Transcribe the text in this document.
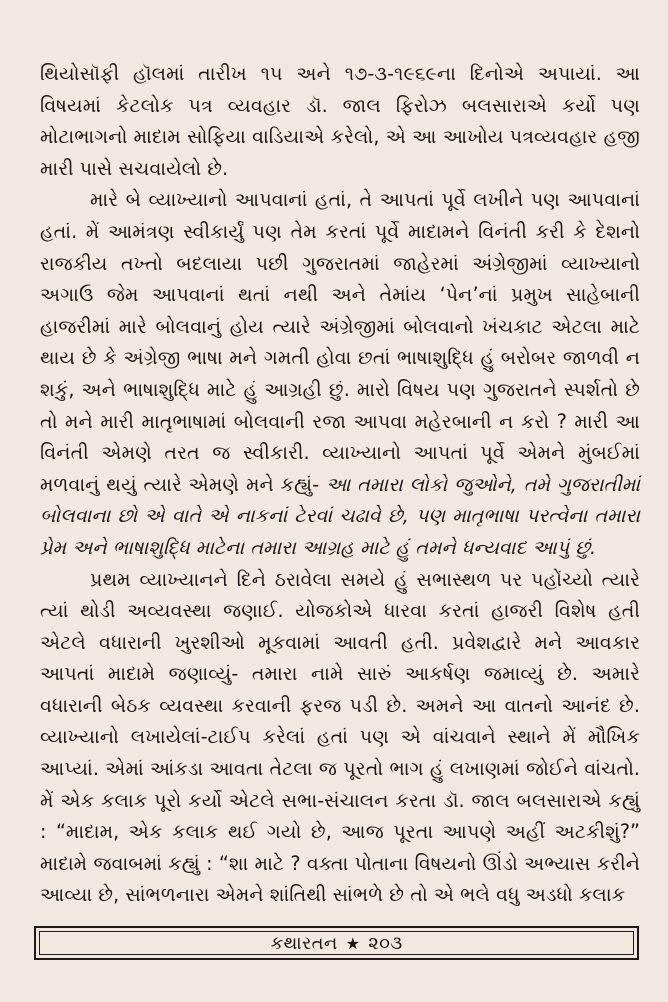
થિયોસૉફી હૉલમાં તારીખ ૧૫ અને ૧૭-૩-૧૯૬૯ના દિનોએ અપાયાં. આ વિષયમાં કેટલોક પત્ર વ્યવહાર ડૉ. જાલ ફિરોઝ બલસારાએ કર્યો પણ મોટાભાગનો માદામ સોફિયા વાડિયાએ કરેલો, એ આ આખોય પત્રવ્યવહાર હજી મારી પાસે સચવાયેલો છે.

મારે બે વ્યાખ્યાનો આપવાનાં હતાં, તે આપતાં પૂર્વે લખીને પણ આપવાનાં હતાં. મેં આમંત્રણ સ્વીકાર્યું પણ તેમ કરતાં પૂર્વે માદામને વિનંતી કરી કે દેશનો રાજકીય તખ્તો બદલાયા પછી ગુજરાતમાં જાહેરમાં અંગ્રેજીમાં વ્યાખ્યાનો અગાઉ જેમ આપવાનાં થતાં નથી અને તેમાંય ‘પેન’નાં પ્રમુખ સાહેબાની હાજરીમાં મારે બોલવાનું હોય ત્યારે અંગ્રેજીમાં બોલવાનો ખંચકાટ એટલા માટે થાય છે કે અંગ્રેજી ભાષા મને ગમતી હોવા છતાં ભાષાશુદ્ધિ હું બરોબર જાળવી ન શકું, અને ભાષાશુદ્ધિ માટે હું આગ્રહી છું. મારો વિષય પણ ગુજરાતને સ્પર્શતો છે તો મને મારી માતૃભાષામાં બોલવાની રજા આપવા મહેરબાની ન કરો ? મારી આ વિનંતી એમણે તરત જ સ્વીકારી. વ્યાખ્યાનો આપતાં પૂર્વે એમને મુંબઈમાં મળવાનું થયું ત્યારે એમણે મને કહ્યું- આ તમારા લોકો જુઓને, તમે ગુજરાતીમાં બોલવાના છો એ વાતે એ નાકનાં ટેરવાં ચઢાવે છે, પણ માતૃભાષા પરત્વેના તમારા પ્રેમ અને ભાષાશુદ્ધિ માટેના તમારા આગ્રહ માટે હું તમને ધન્યવાદ આપું છું.

પ્રથમ વ્યાખ્યાનને દિને ઠરાવેલા સમયે હું સભાસ્થળ પર પહોંચ્યો ત્યારે ત્યાં થોડી અવ્યવસ્થા જણાઈ. યોજકોએ ધારવા કરતાં હાજરી વિશેષ હતી એટલે વધારાની ખુરશીઓ મૂકવામાં આવતી હતી. પ્રવેશદ્વારે મને આવકાર આપતાં માદામે જણાવ્યું- તમારા નામે સારું આકર્ષણ જમાવ્યું છે. અમારે વધારાની બેઠક વ્યવસ્થા કરવાની ફરજ પડી છે. અમને આ વાતનો આનંદ છે. વ્યાખ્યાનો લખાયેલાં-ટાઈપ કરેલાં હતાં પણ એ વાંચવાને સ્થાને મેં મૌખિક આપ્યાં. એમાં આંકડા આવતા તેટલા જ પૂરતો ભાગ હું લખાણમાં જોઈને વાંચતો. મેં એક કલાક પૂરો કર્યો એટલે સભા-સંચાલન કરતા ડૉ. જાલ બલસારાએ કહ્યું : “માદામ, એક કલાક થઈ ગયો છે, આજ પૂરતા આપણે અહીં અટકીશું?” માદામે જવાબમાં કહ્યું : “શા માટે ? વક્તા પોતાના વિષયનો ઊંડો અભ્યાસ કરીને આવ્યા છે, સાંભળનારા એમને શાંતિથી સાંભળે છે તો એ ભલે વધુ અડધો કલાક

કથારતન ★ ૨૦૩
